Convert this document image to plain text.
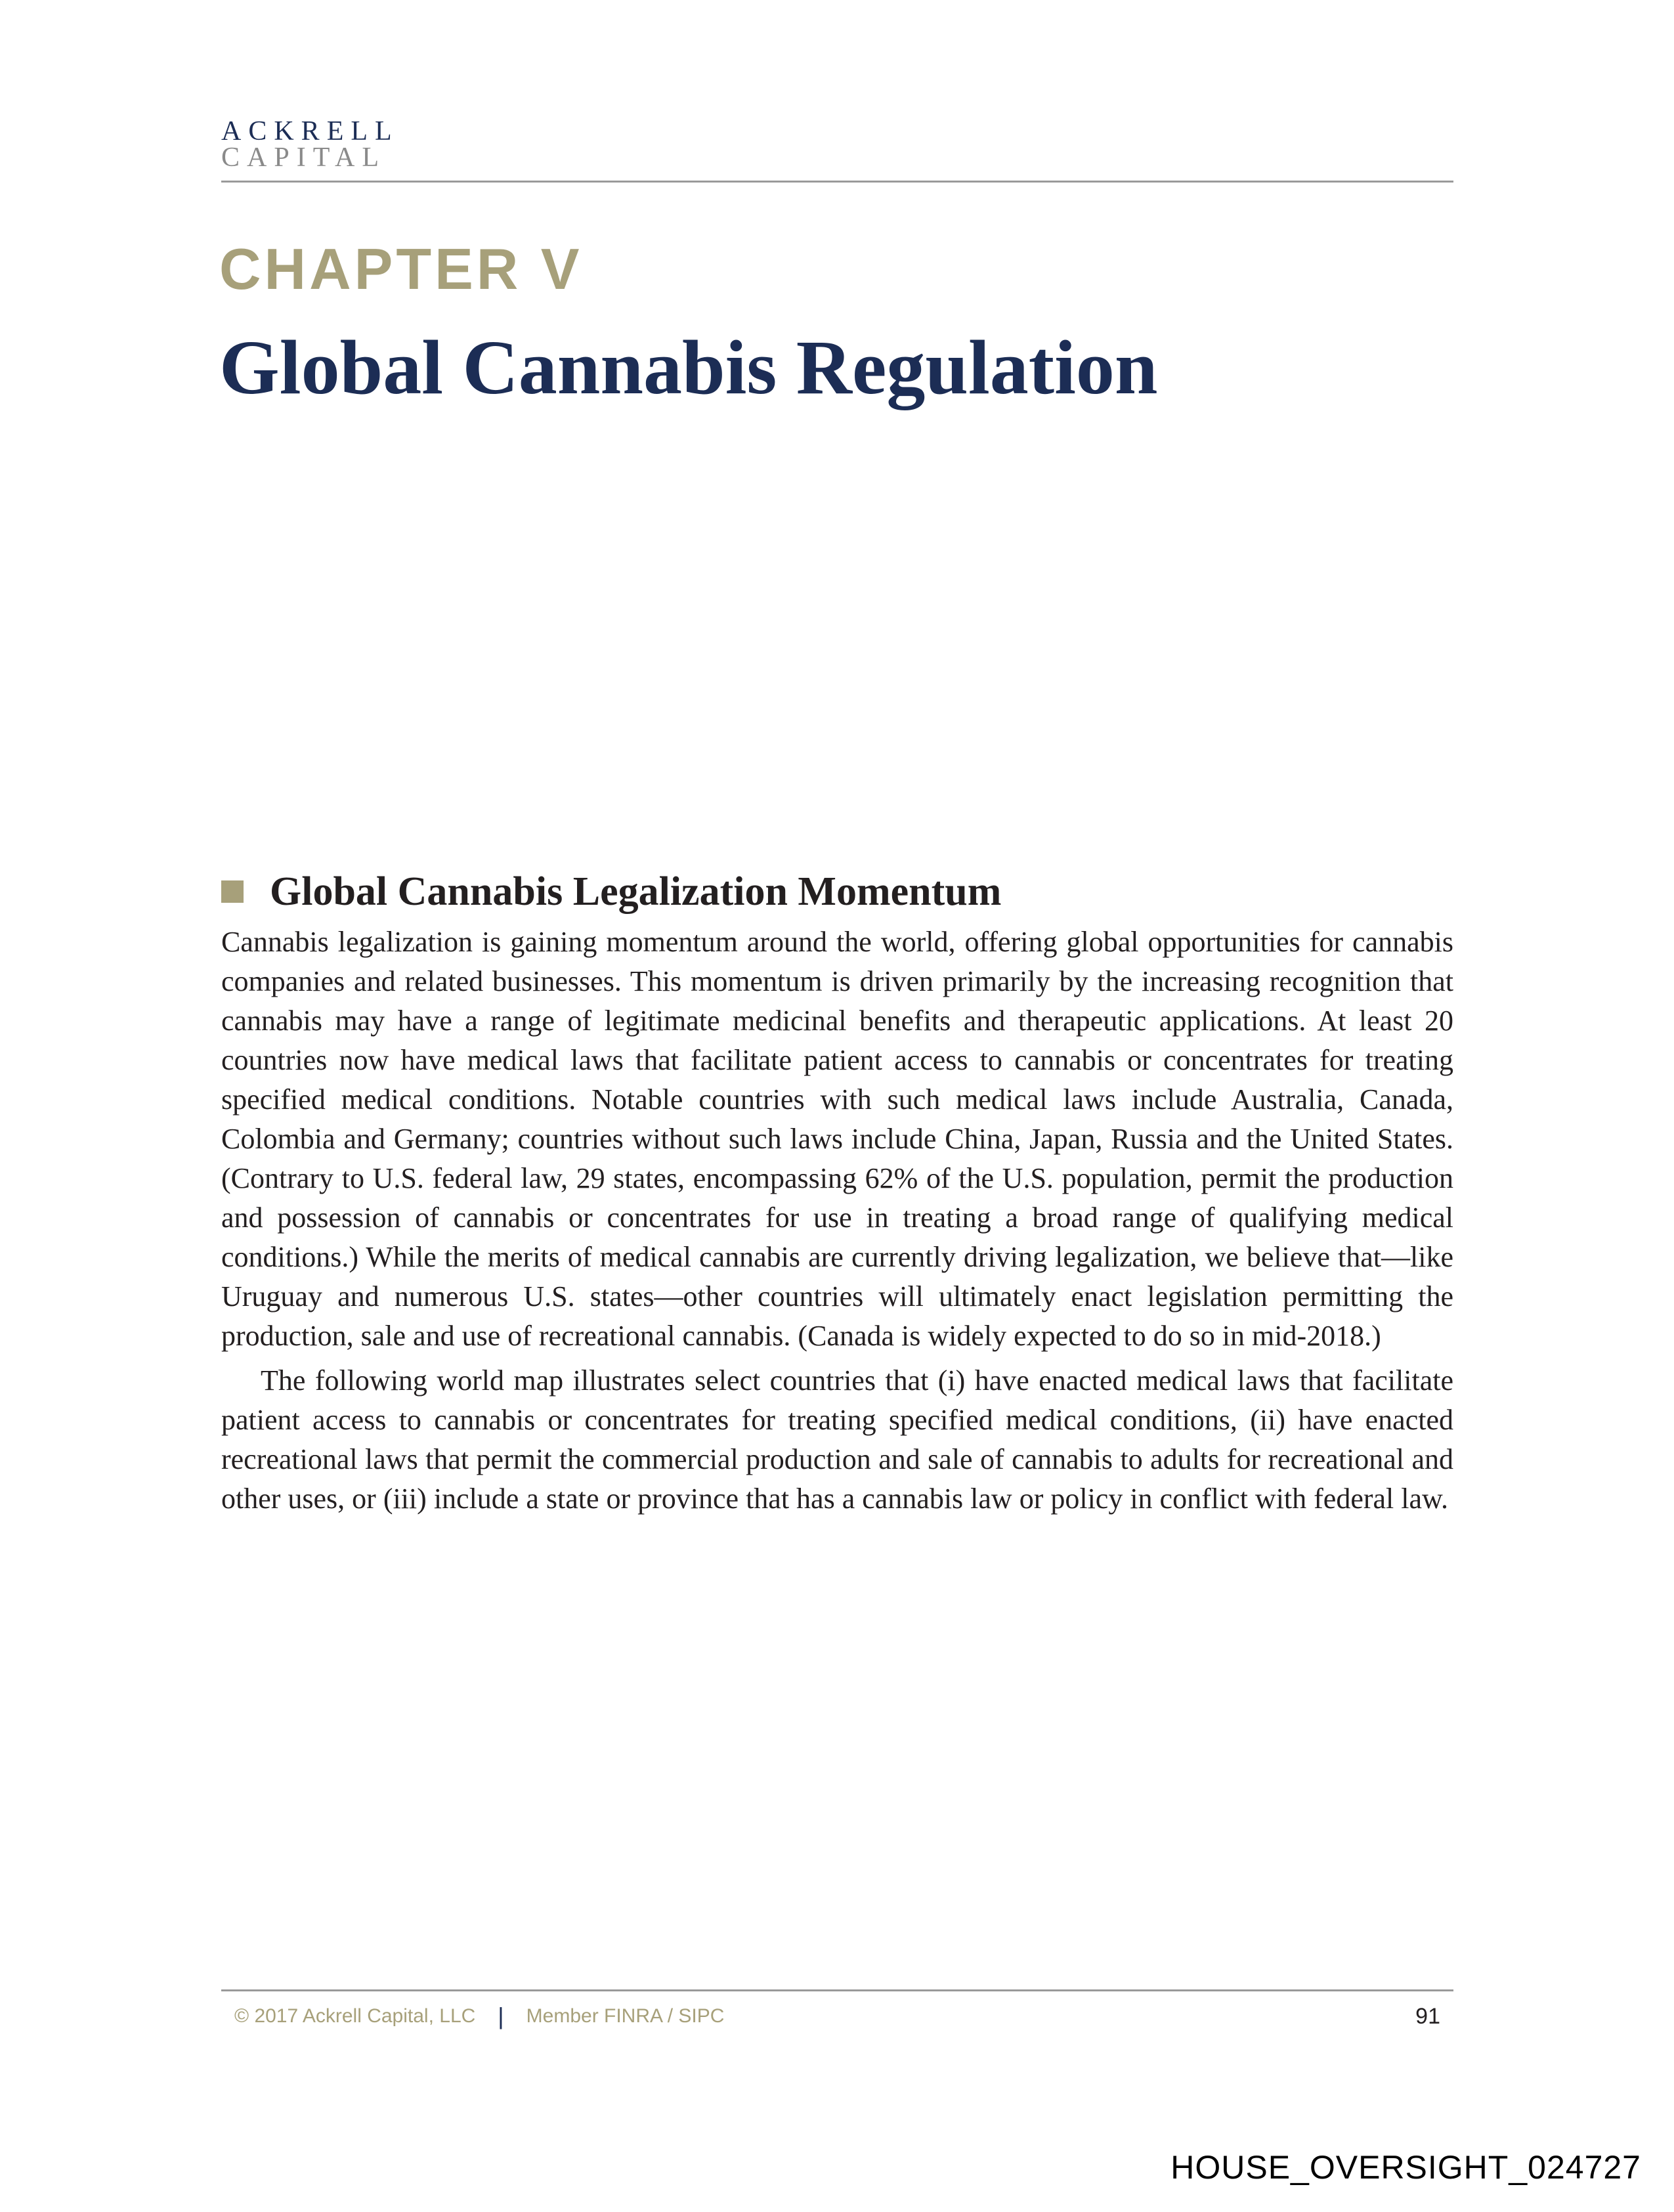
ACKRELL
CAPITAL
CHAPTER V
Global Cannabis Regulation
Global Cannabis Legalization Momentum

Cannabis legalization is gaining momentum around the world, offering global opportunities for cannabis companies and related businesses. This momentum is driven primarily by the increasing recognition that cannabis may have a range of legitimate medicinal benefits and therapeutic applications. At least 20 countries now have medical laws that facilitate patient access to cannabis or concentrates for treating specified medical conditions. Notable countries with such medical laws include Australia, Canada, Colombia and Germany; countries without such laws include China, Japan, Russia and the United States. (Contrary to U.S. federal law, 29 states, encompassing 62% of the U.S. population, permit the production and possession of cannabis or concentrates for use in treating a broad range of qualifying medical conditions.) While the merits of medical cannabis are currently driving legalization, we believe that—like Uruguay and numerous U.S. states—other countries will ultimately enact legislation permitting the production, sale and use of recreational cannabis. (Canada is widely expected to do so in mid-2018.)

The following world map illustrates select countries that (i) have enacted medical laws that facilitate patient access to cannabis or concentrates for treating specified medical conditions, (ii) have enacted recreational laws that permit the commercial production and sale of cannabis to adults for recreational and other uses, or (iii) include a state or province that has a cannabis law or policy in conflict with federal law.

© 2017 Ackrell Capital, LLC | Member FINRA / SIPC	91
HOUSE_OVERSIGHT_024727
